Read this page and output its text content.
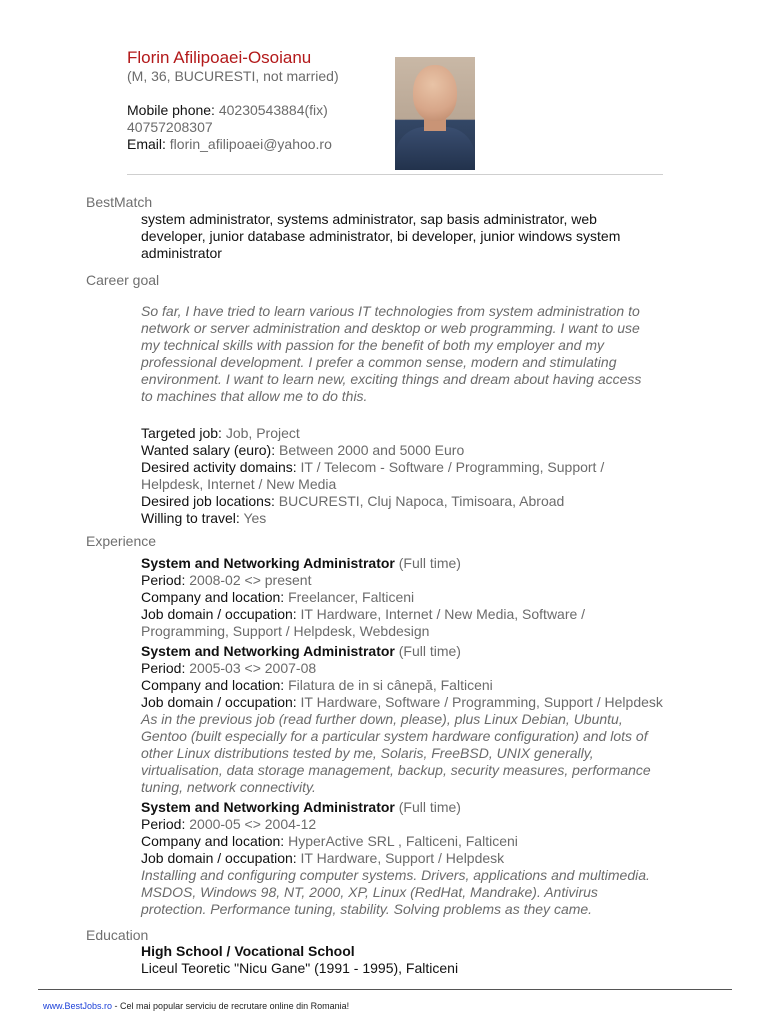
Florin Afilipoaei-Osoianu
(M, 36, BUCURESTI, not married)
Mobile phone: 40230543884(fix)
40757208307
Email: florin_afilipoaei@yahoo.ro
BestMatch
system administrator, systems administrator, sap basis administrator, web
developer, junior database administrator, bi developer, junior windows system
administrator
Career goal
So far, I have tried to learn various IT technologies from system administration to
network or server administration and desktop or web programming. I want to use
my technical skills with passion for the benefit of both my employer and my
professional development. I prefer a common sense, modern and stimulating
environment. I want to learn new, exciting things and dream about having access
to machines that allow me to do this.
Targeted job: Job, Project
Wanted salary (euro): Between 2000 and 5000 Euro
Desired activity domains: IT / Telecom - Software / Programming, Support /
Helpdesk, Internet / New Media
Desired job locations: BUCURESTI, Cluj Napoca, Timisoara, Abroad
Willing to travel: Yes
Experience
System and Networking Administrator (Full time)
Period: 2008-02 <> present
Company and location: Freelancer, Falticeni
Job domain / occupation: IT Hardware, Internet / New Media, Software /
Programming, Support / Helpdesk, Webdesign
System and Networking Administrator (Full time)
Period: 2005-03 <> 2007-08
Company and location: Filatura de in si cânepă, Falticeni
Job domain / occupation: IT Hardware, Software / Programming, Support / Helpdesk
As in the previous job (read further down, please), plus Linux Debian, Ubuntu,
Gentoo (built especially for a particular system hardware configuration) and lots of
other Linux distributions tested by me, Solaris, FreeBSD, UNIX generally,
virtualisation, data storage management, backup, security measures, performance
tuning, network connectivity.
System and Networking Administrator (Full time)
Period: 2000-05 <> 2004-12
Company and location: HyperActive SRL , Falticeni, Falticeni
Job domain / occupation: IT Hardware, Support / Helpdesk
Installing and configuring computer systems. Drivers, applications and multimedia.
MSDOS, Windows 98, NT, 2000, XP, Linux (RedHat, Mandrake). Antivirus
protection. Performance tuning, stability. Solving problems as they came.
Education
High School / Vocational School
Liceul Teoretic "Nicu Gane" (1991 - 1995), Falticeni
www.BestJobs.ro - Cel mai popular serviciu de recrutare online din Romania!
